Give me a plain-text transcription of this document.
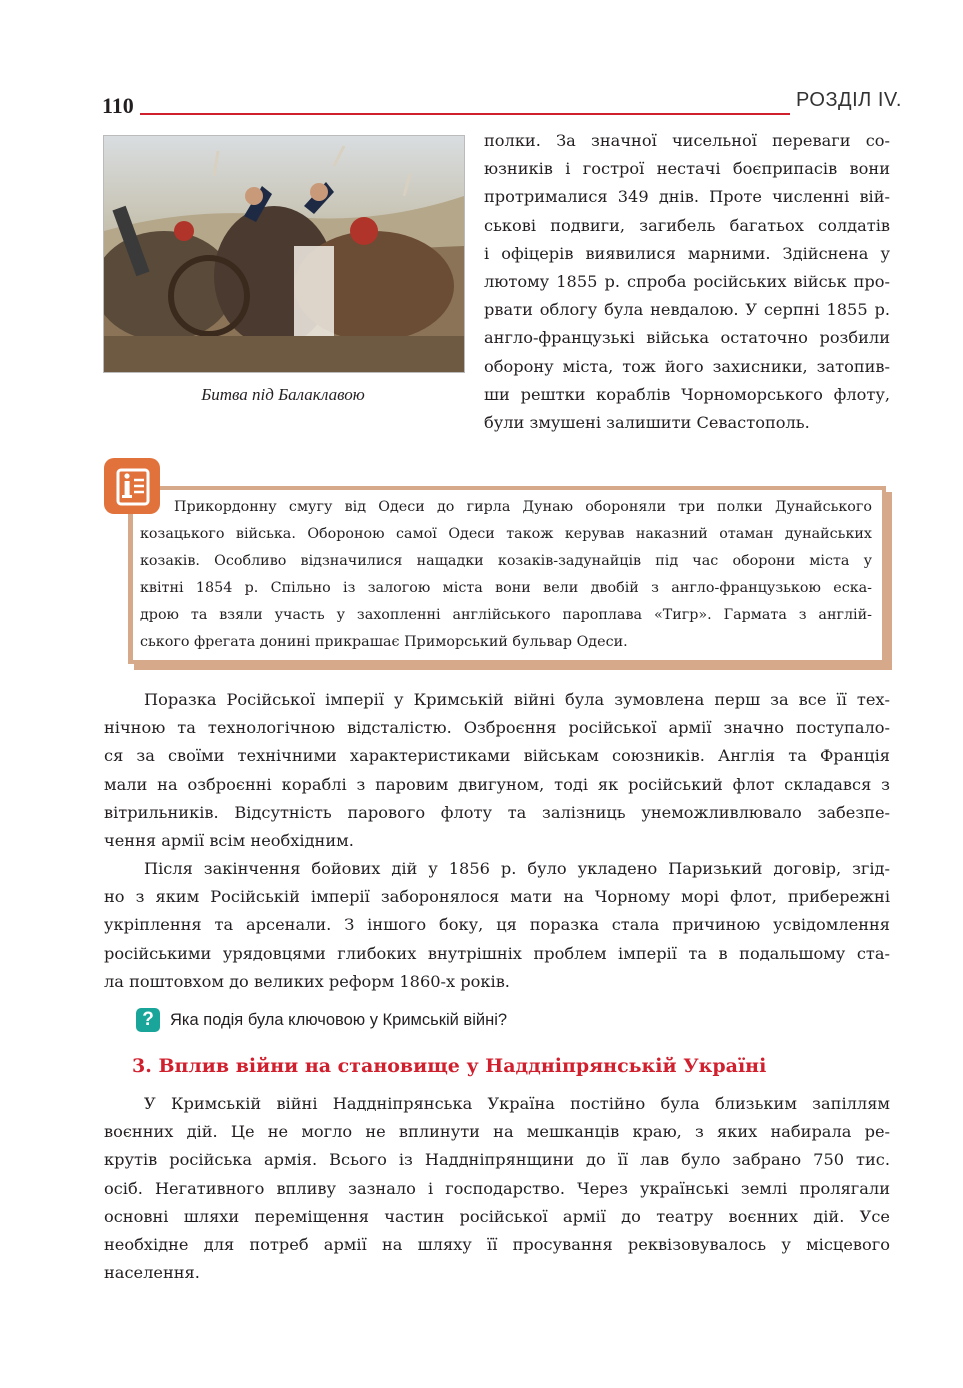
110	РОЗДІЛ IV.
Битва під Балаклавою
полки. За значної чисельної переваги со-
юзників і гострої нестачі боєприпасів вони
протрималися 349 днів. Проте численні вій-
ськові подвиги, загибель багатьох солдатів
і офіцерів виявилися марними. Здійснена у
лютому 1855 р. спроба російських військ про-
рвати облогу була невдалою. У серпні 1855 р.
англо-французькі війська остаточно розбили
оборону міста, тож його захисники, затопив-
ши рештки кораблів Чорноморського флоту,
були змушені залишити Севастополь.
Прикордонну смугу від Одеси до гирла Дунаю обороняли три полки Дунайського
козацького війська. Обороною самої Одеси також керував наказний отаман дунайських
козаків. Особливо відзначилися нащадки козаків-задунайців під час оборони міста у
квітні 1854 р. Спільно із залогою міста вони вели двобій з англо-французькою еска-
дрою та взяли участь у захопленні англійського пароплава «Тигр». Гармата з англій-
ського фрегата донині прикрашає Приморський бульвар Одеси.
Поразка Російської імперії у Кримській війні була зумовлена перш за все її тех-
нічною та технологічною відсталістю. Озброєння російської армії значно поступало-
ся за своїми технічними характеристиками військам союзників. Англія та Франція
мали на озброєнні кораблі з паровим двигуном, тоді як російський флот складався з
вітрильників. Відсутність парового флоту та залізниць унеможливлювало забезпе-
чення армії всім необхідним.
Після закінчення бойових дій у 1856 р. було укладено Паризький договір, згід-
но з яким Російській імперії заборонялося мати на Чорному морі флот, прибережні
укріплення та арсенали. З іншого боку, ця поразка стала причиною усвідомлення
російськими урядовцями глибоких внутрішніх проблем імперії та в подальшому ста-
ла поштовхом до великих реформ 1860-х років.
? Яка подія була ключовою у Кримській війні?
3. Вплив війни на становище у Наддніпрянській Україні
У Кримській війні Наддніпрянська Україна постійно була близьким запіллям
воєнних дій. Це не могло не вплинути на мешканців краю, з яких набирала ре-
крутів російська армія. Всього із Наддніпрянщини до її лав було забрано 750 тис.
осіб. Негативного впливу зазнало і господарство. Через українські землі пролягали
основні шляхи переміщення частин російської армії до театру воєнних дій. Усе
необхідне для потреб армії на шляху її просування реквізовувалось у місцевого
населення.
